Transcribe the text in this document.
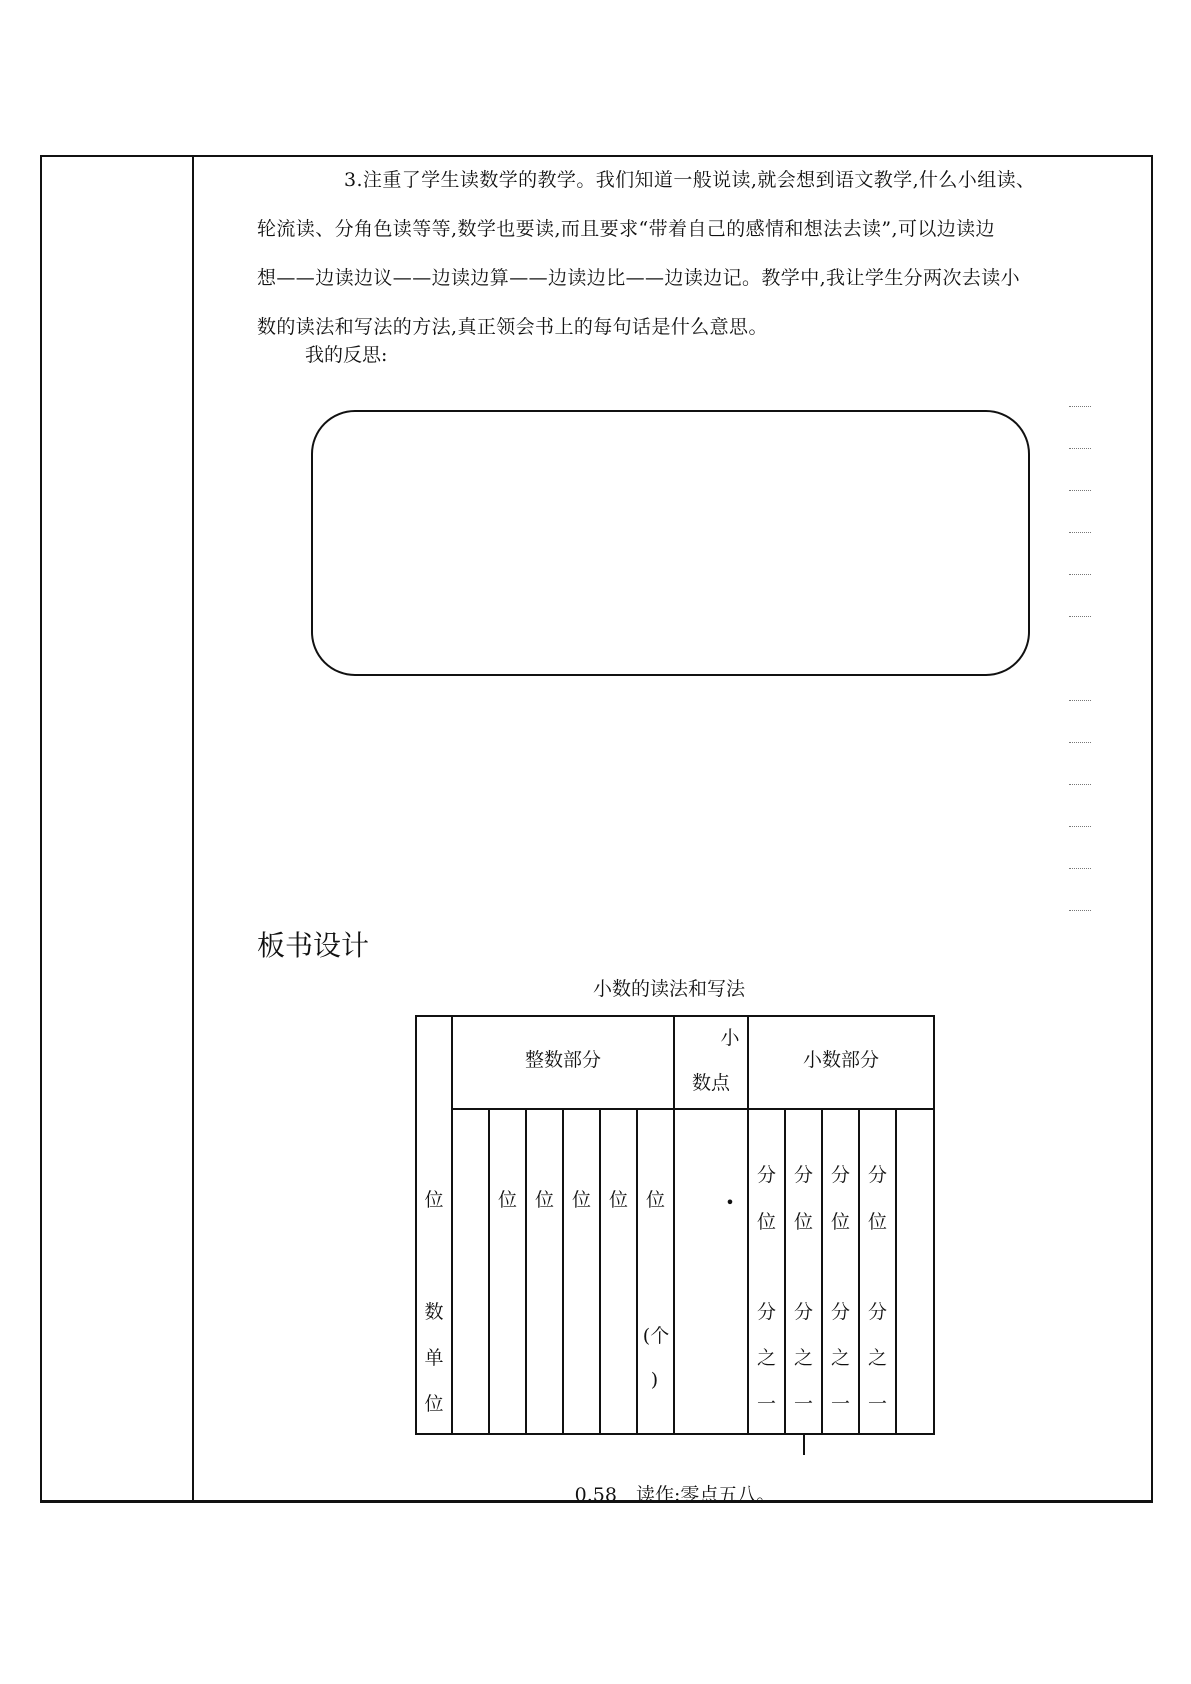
3.注重了学生读数学的教学。我们知道一般说读,就会想到语文教学,什么小组读、
轮流读、分角色读等等,数学也要读,而且要求“带着自己的感情和想法去读”,可以边读边
想——边读边议——边读边算——边读边比——边读边记。教学中,我让学生分两次去读小
数的读法和写法的方法,真正领会书上的每句话是什么意思。
我的反思:
板书设计
小数的读法和写法
整数部分
小
数点
小数部分
位
数
单
位
位 位 位 位 位	•
(个
)
分 分 分 分
位 位 位 位
分 分 分 分
之 之 之 之
一 一 一 一
0.58　读作:零点五八。
